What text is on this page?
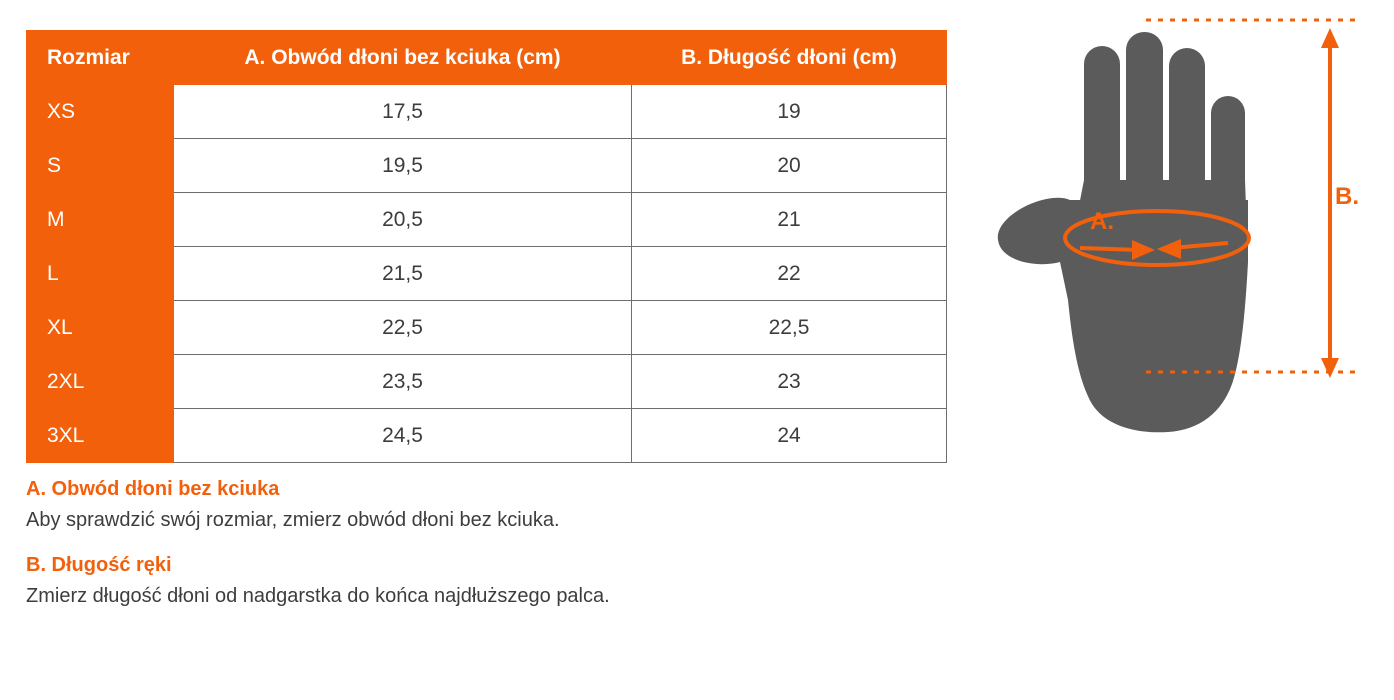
Rozmiar	A. Obwód dłoni bez kciuka (cm)	B. Długość dłoni (cm)
XS	17,5	19
S	19,5	20
M	20,5	21
L	21,5	22
XL	22,5	22,5
2XL	23,5	23
3XL	24,5	24
A. Obwód dłoni bez kciuka
Aby sprawdzić swój rozmiar, zmierz obwód dłoni bez kciuka.
B. Długość ręki
Zmierz długość dłoni od nadgarstka do końca najdłuższego palca.
A.
B.
